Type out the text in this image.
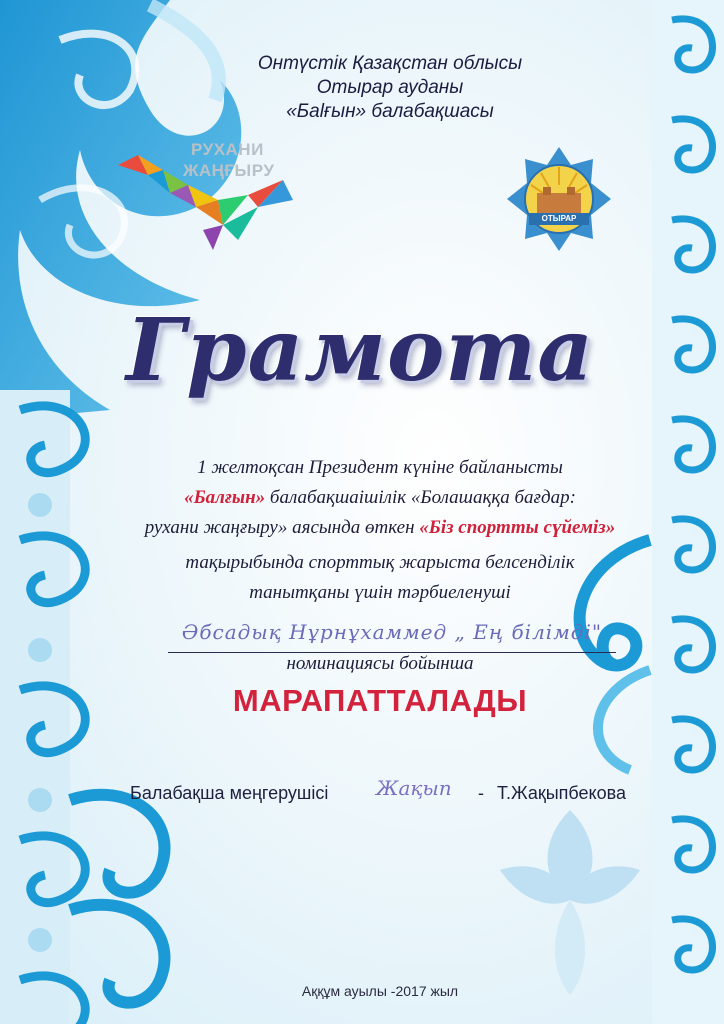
Онтүстік Қазақстан облысы
Отырар ауданы
«Бalғын» балабақшасы
РУХАНИ
ЖАҢҒЫРУ
ОТЫРАР
Грамота
1 желтоқсан Президент күніне байланысты
«Балғын» балабақшаішілік «Болашаққа бағдар:
рухани жаңғыру» аясында өткен «Біз спортты сүйеміз»
тақырыбында спорттық жарыста белсенділік
танытқаны үшін тәрбиеленуші
Әбсадық Нұрнұхаммед „ Ең білімді"
номинациясы бойынша
МАРАПАТТАЛАДЫ
Балабақша меңгерушісі Жақып - Т.Жақыпбекова
Аққұм ауылы -2017 жыл
